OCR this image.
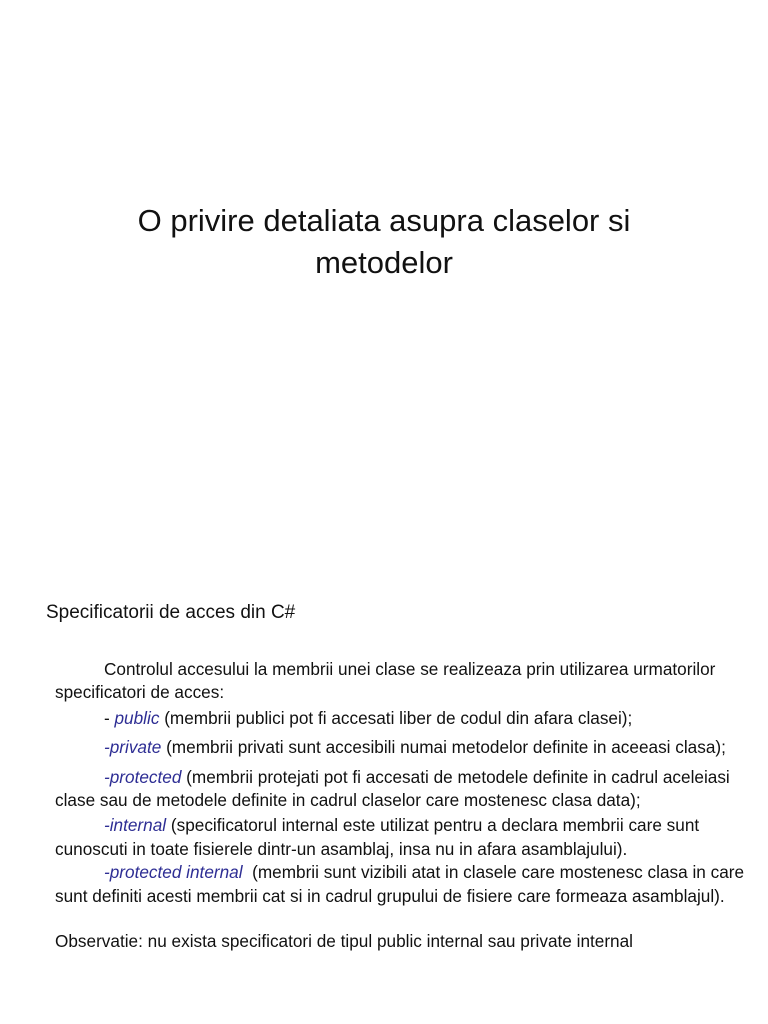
O privire detaliata asupra claselor si
metodelor
Specificatorii de acces din C#

Controlul accesului la membrii unei clase se realizeaza prin utilizarea urmatorilor specificatori de acces:

- public (membrii publici pot fi accesati liber de codul din afara clasei);

-private (membrii privati sunt accesibili numai metodelor definite in aceeasi clasa);

-protected (membrii protejati pot fi accesati de metodele definite in cadrul aceleiasi clase sau de metodele definite in cadrul claselor care mostenesc clasa data);

-internal (specificatorul internal este utilizat pentru a declara membrii care sunt cunoscuti in toate fisierele dintr-un asamblaj, insa nu in afara asamblajului).

-protected internal  (membrii sunt vizibili atat in clasele care mostenesc clasa in care sunt definiti acesti membrii cat si in cadrul grupului de fisiere care formeaza asamblajul).

Observatie: nu exista specificatori de tipul public internal sau private internal
